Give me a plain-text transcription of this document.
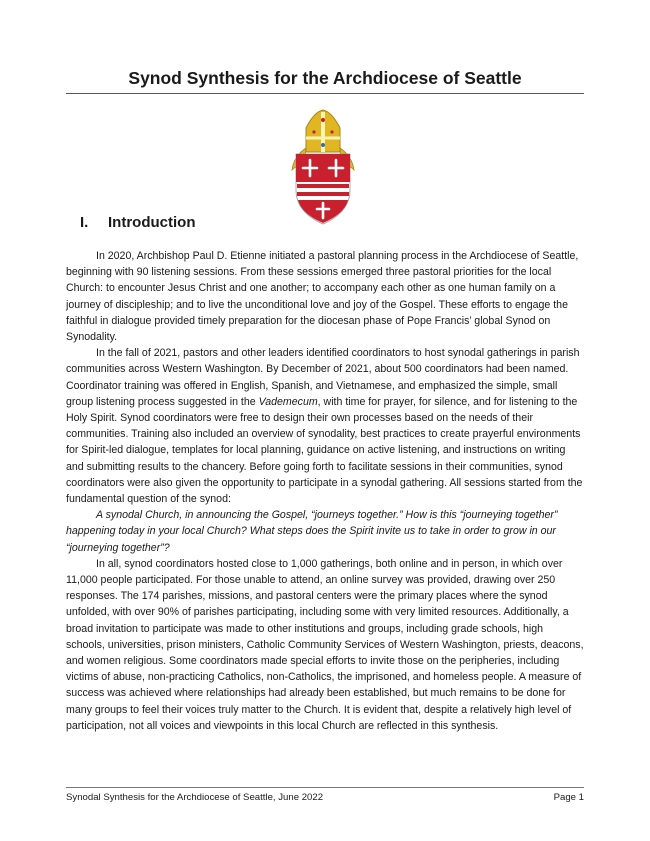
Synod Synthesis for the Archdiocese of Seattle
I. Introduction

In 2020, Archbishop Paul D. Etienne initiated a pastoral planning process in the Archdiocese of Seattle, beginning with 90 listening sessions. From these sessions emerged three pastoral priorities for the local Church: to encounter Jesus Christ and one another; to accompany each other as one human family on a journey of discipleship; and to live the unconditional love and joy of the Gospel. These efforts to engage the faithful in dialogue provided timely preparation for the diocesan phase of Pope Francis’ global Synod on Synodality.

In the fall of 2021, pastors and other leaders identified coordinators to host synodal gatherings in parish communities across Western Washington. By December of 2021, about 500 coordinators had been named. Coordinator training was offered in English, Spanish, and Vietnamese, and emphasized the simple, small group listening process suggested in the Vademecum, with time for prayer, for silence, and for listening to the Holy Spirit. Synod coordinators were free to design their own processes based on the needs of their communities. Training also included an overview of synodality, best practices to create prayerful environments for Spirit-led dialogue, templates for local planning, guidance on active listening, and instructions on writing and submitting results to the chancery. Before going forth to facilitate sessions in their communities, synod coordinators were also given the opportunity to participate in a synodal gathering. All sessions started from the fundamental question of the synod:

A synodal Church, in announcing the Gospel, “journeys together.” How is this “journeying together” happening today in your local Church? What steps does the Spirit invite us to take in order to grow in our “journeying together”?

In all, synod coordinators hosted close to 1,000 gatherings, both online and in person, in which over 11,000 people participated. For those unable to attend, an online survey was provided, drawing over 250 responses. The 174 parishes, missions, and pastoral centers were the primary places where the synod unfolded, with over 90% of parishes participating, including some with very limited resources. Additionally, a broad invitation to participate was made to other institutions and groups, including grade schools, high schools, universities, prison ministers, Catholic Community Services of Western Washington, priests, deacons, and women religious. Some coordinators made special efforts to invite those on the peripheries, including victims of abuse, non-practicing Catholics, non-Catholics, the imprisoned, and homeless people. A measure of success was achieved where relationships had already been established, but much remains to be done for many groups to feel their voices truly matter to the Church. It is evident that, despite a relatively high level of participation, not all voices and viewpoints in this local Church are reflected in this synthesis.

Synodal Synthesis for the Archdiocese of Seattle, June 2022	Page 1
